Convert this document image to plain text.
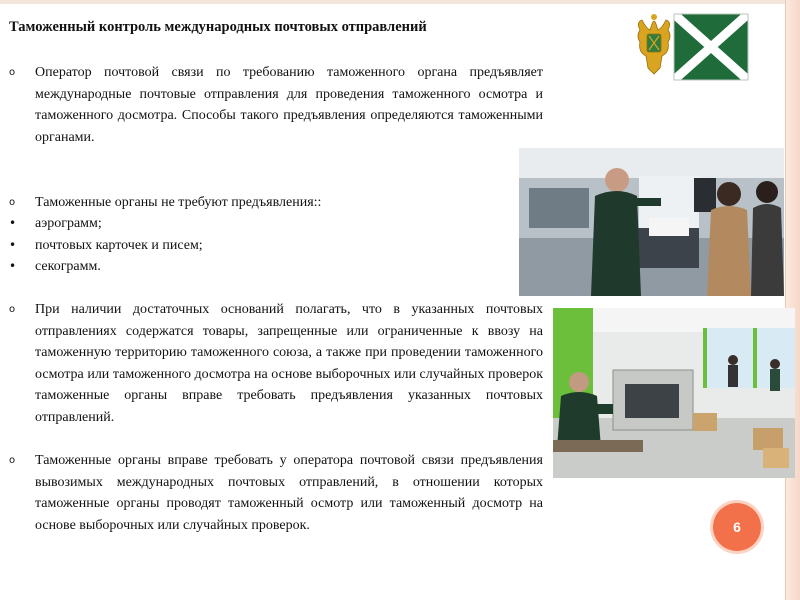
Таможенный контроль международных почтовых отправлений
o	Оператор почтовой связи по требованию таможенного органа предъявляет международные почтовые отправления для проведения таможенного осмотра и таможенного досмотра. Способы такого предъявления определяются таможенными органами.
o	Таможенные органы не требуют предъявления::
•	аэрограмм;
•	почтовых карточек и писем;
•	секограмм.
o	При наличии достаточных оснований полагать, что в указанных почтовых отправлениях содержатся товары, запрещенные или ограниченные к ввозу на таможенную территорию таможенного союза, а также при проведении таможенного осмотра или таможенного досмотра на основе выборочных или случайных проверок таможенные органы вправе требовать предъявления указанных почтовых отправлений.
o	Таможенные органы вправе требовать у оператора почтовой связи предъявления вывозимых международных почтовых отправлений, в отношении которых таможенные органы проводят таможенный осмотр или таможенный досмотр на основе выборочных или случайных проверок.	6
